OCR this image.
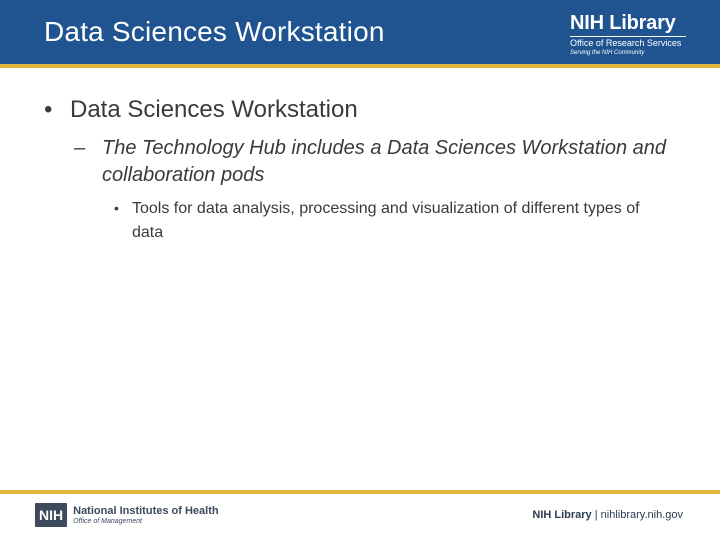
Data Sciences Workstation	NIH Library
Office of Research Services
Serving the NIH Community
• Data Sciences Workstation
– The Technology Hub includes a Data Sciences Workstation and collaboration pods
• Tools for data analysis, processing and visualization of different types of data
NIH National Institutes of Health
Office of Management	NIH Library | nihlibrary.nih.gov
